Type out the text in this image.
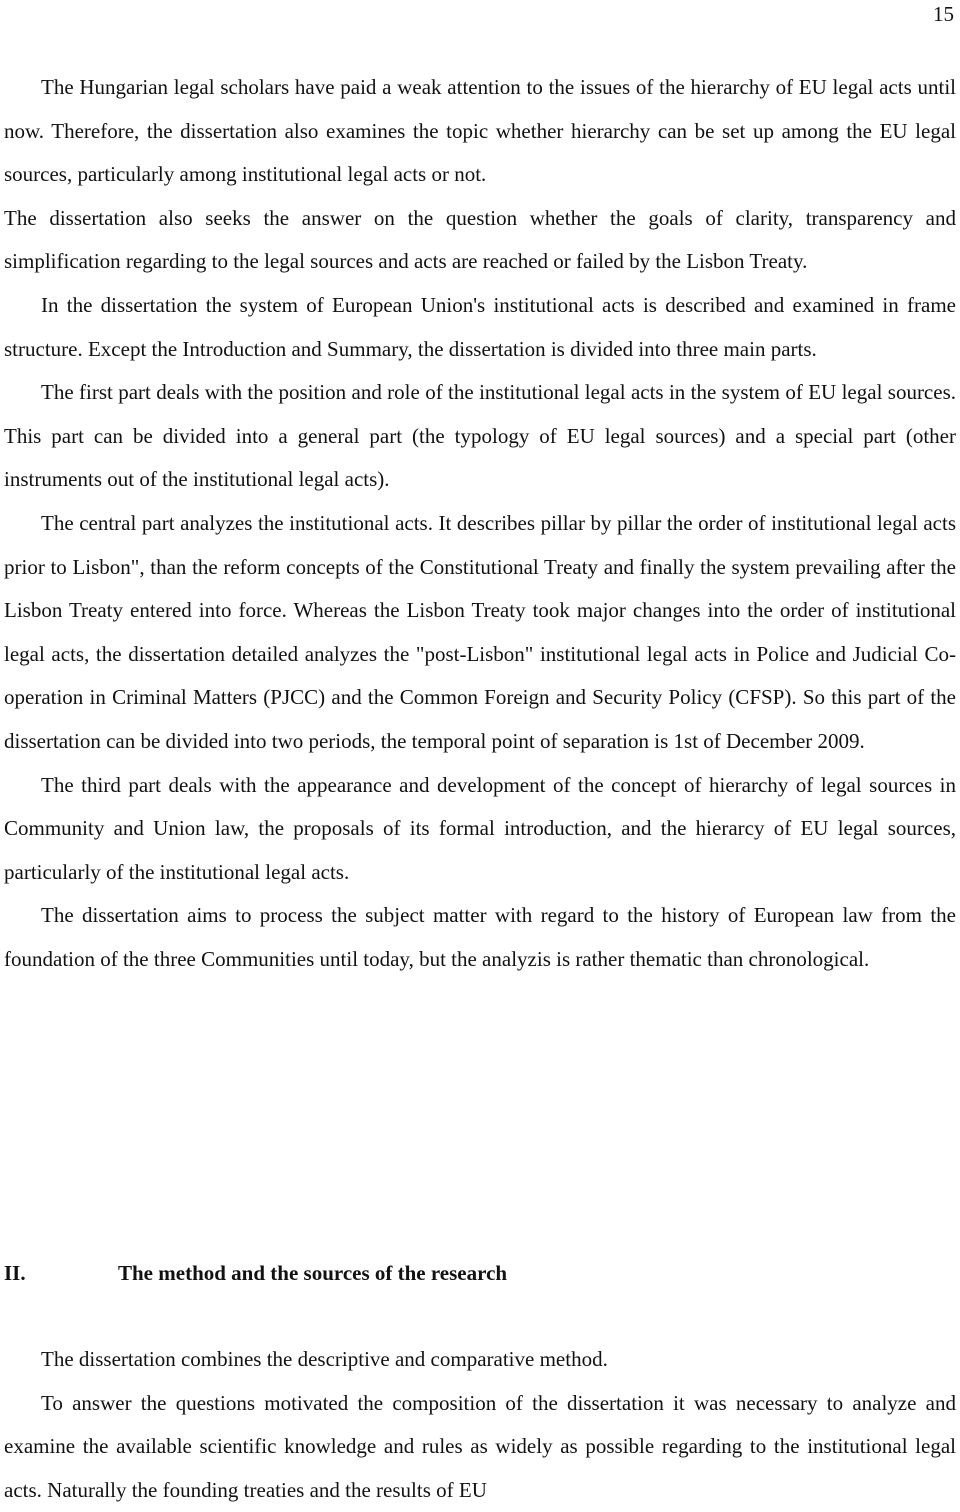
15

The Hungarian legal scholars have paid a weak attention to the issues of the hierarchy of EU legal acts until now. Therefore, the dissertation also examines the topic whether hierarchy can be set up among the EU legal sources, particularly among institutional legal acts or not.

The dissertation also seeks the answer on the question whether the goals of clarity, transparency and simplification regarding to the legal sources and acts are reached or failed by the Lisbon Treaty.

In the dissertation the system of European Union's institutional acts is described and examined in frame structure. Except the Introduction and Summary, the dissertation is divided into three main parts.

The first part deals with the position and role of the institutional legal acts in the system of EU legal sources. This part can be divided into a general part (the typology of EU legal sources) and a special part (other instruments out of the institutional legal acts).

The central part analyzes the institutional acts. It describes pillar by pillar the order of institutional legal acts prior to Lisbon", than the reform concepts of the Constitutional Treaty and finally the system prevailing after the Lisbon Treaty entered into force. Whereas the Lisbon Treaty took major changes into the order of institutional legal acts, the dissertation detailed analyzes the "post-Lisbon" institutional legal acts in Police and Judicial Co-operation in Criminal Matters (PJCC) and the Common Foreign and Security Policy (CFSP). So this part of the dissertation can be divided into two periods, the temporal point of separation is 1st of December 2009.

The third part deals with the appearance and development of the concept of hierarchy of legal sources in Community and Union law, the proposals of its formal introduction, and the hierarcy of EU legal sources, particularly of the institutional legal acts.

The dissertation aims to process the subject matter with regard to the history of European law from the foundation of the three Communities until today, but the analyzis is rather thematic than chronological.

II.	The method and the sources of the research

The dissertation combines the descriptive and comparative method.

To answer the questions motivated the composition of the dissertation it was necessary to analyze and examine the available scientific knowledge and rules as widely as possible regarding to the institutional legal acts. Naturally the founding treaties and the results of EU
